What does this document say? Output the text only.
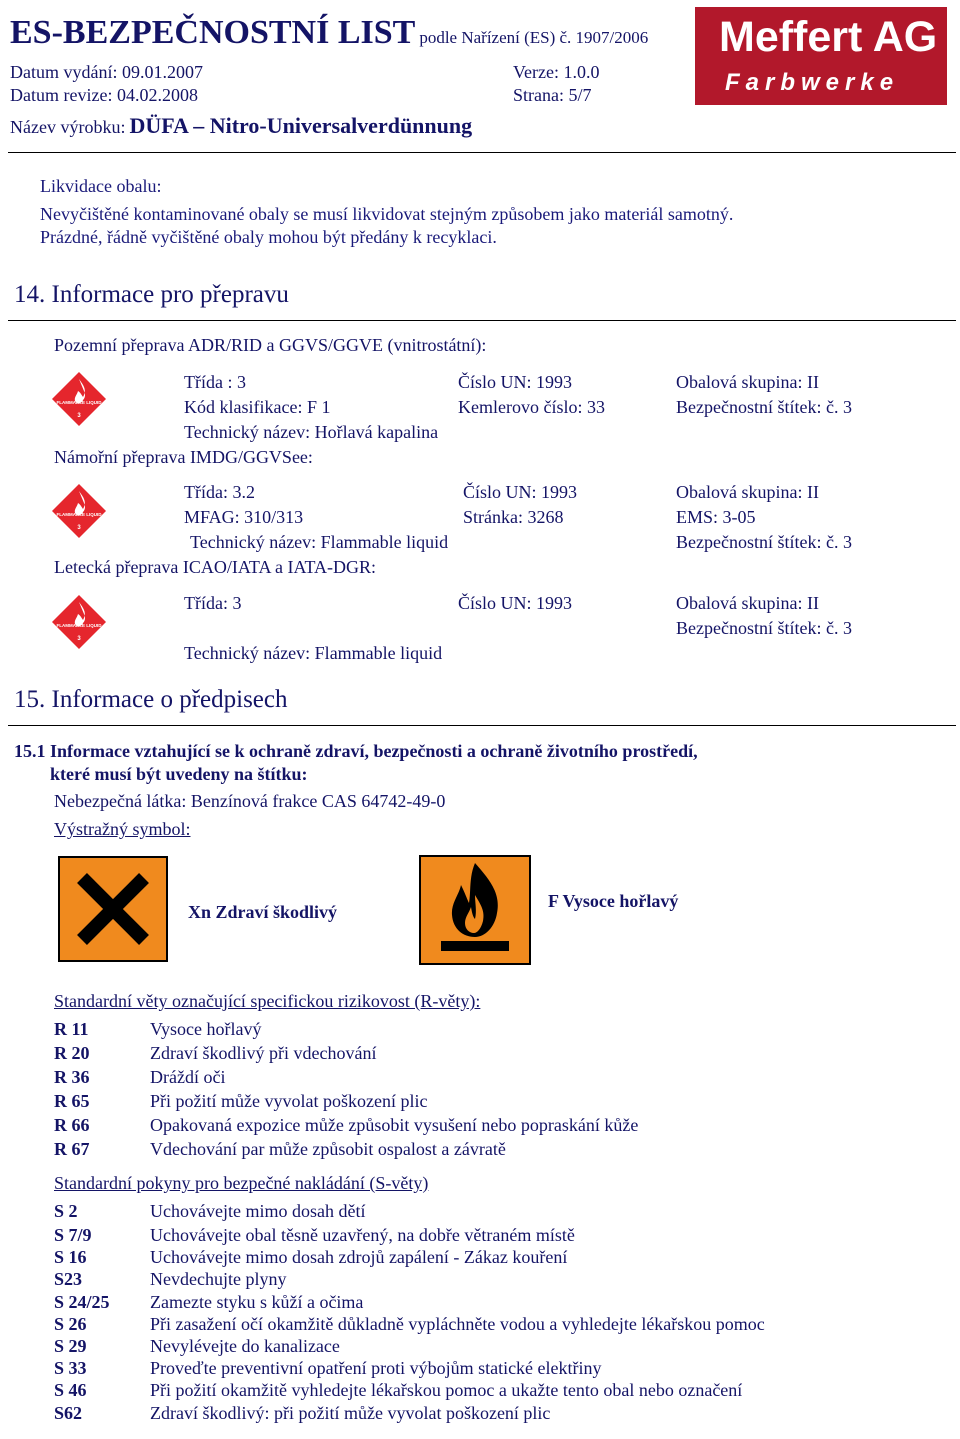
ES-BEZPEČNOSTNÍ LIST podle Nařízení (ES) č. 1907/2006
Datum vydání: 09.01.2007	Verze: 1.0.0
Datum revize: 04.02.2008	Strana: 5/7
Název výrobku: DÜFA – Nitro-Universalverdünnung
Meffert AG
Farbwerke
Likvidace obalu:
Nevyčištěné kontaminované obaly se musí likvidovat stejným způsobem jako materiál samotný.
Prázdné, řádně vyčištěné obaly mohou být předány k recyklaci.
14. Informace pro přepravu
Pozemní přeprava ADR/RID a GGVS/GGVE (vnitrostátní):
FLAMMABLE LIQUID
3
Třída : 3	Číslo UN: 1993	Obalová skupina: II
Kód klasifikace: F 1	Kemlerovo číslo: 33	Bezpečnostní štítek: č. 3
Technický název: Hořlavá kapalina
Námořní přeprava IMDG/GGVSee:
FLAMMABLE LIQUID
3
Třída: 3.2	Číslo UN: 1993	Obalová skupina: II
MFAG: 310/313	Stránka: 3268	EMS: 3-05
Technický název: Flammable liquid	Bezpečnostní štítek: č. 3
Letecká přeprava ICAO/IATA a IATA-DGR:
FLAMMABLE LIQUID
3
Třída: 3	Číslo UN: 1993	Obalová skupina: II
Bezpečnostní štítek: č. 3
Technický název: Flammable liquid
15. Informace o předpisech
15.1 Informace vztahující se k ochraně zdraví, bezpečnosti a ochraně životního prostředí,
které musí být uvedeny na štítku:
Nebezpečná látka: Benzínová frakce CAS 64742-49-0
Výstražný symbol:
Xn Zdraví škodlivý
F Vysoce hořlavý
Standardní věty označující specifickou rizikovost (R-věty):
R 11	Vysoce hořlavý
R 20	Zdraví škodlivý při vdechování
R 36	Dráždí oči
R 65	Při požití může vyvolat poškození plic
R 66	Opakovaná expozice může způsobit vysušení nebo popraskání kůže
R 67	Vdechování par může způsobit ospalost a závratě
Standardní pokyny pro bezpečné nakládání (S-věty)
S 2	Uchovávejte mimo dosah dětí
S 7/9	Uchovávejte obal těsně uzavřený, na dobře větraném místě
S 16	Uchovávejte mimo dosah zdrojů zapálení - Zákaz kouření
S23	Nevdechujte plyny
S 24/25 Zamezte styku s kůží a očima
S 26	Při zasažení očí okamžitě důkladně vypláchněte vodou a vyhledejte lékařskou pomoc
S 29	Nevylévejte do kanalizace
S 33	Proveďte preventivní opatření proti výbojům statické elektřiny
S 46	Při požití okamžitě vyhledejte lékařskou pomoc a ukažte tento obal nebo označení
S62	Zdraví škodlivý: při požití může vyvolat poškození plic
